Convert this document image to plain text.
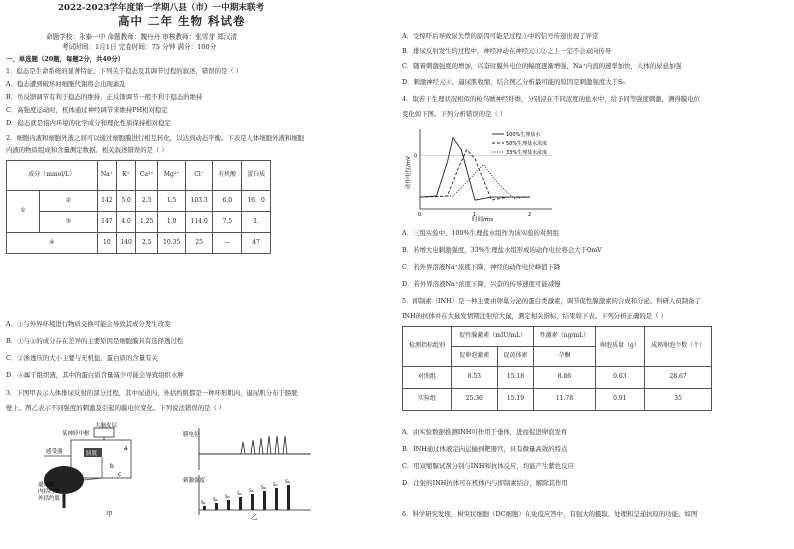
2022-2023学年度第一学期八县（市）一中期末联考
高中 二年 生物 科试卷
命题学校：永泰一中 命题教师：魏丹丹 审核教师：张雪芽 郑汉清
考试时间：1月1日 完卷时间：75 分钟 满分：100分
一、单选题（20题，每题2分，共40分）
1．稳态是生命系统的显著特征，下列关于稳态及其调节过程的叙述，错误的是（ ）
A．稳态遭到破坏时细胞代谢将会出现紊乱
B．负反馈调节有利于稳态的维持，正反馈调节一般不利于稳态的维持
C．高强度运动时，机体通过神经调节来维持PH相对稳定
D．稳态就是指内环境的化学成分和理化性质保持相对稳定
2．细胞内液和细胞外液之间可以通过细胞膜进行相互转化，以达到动态平衡。下表是人体细胞外液和细胞
内液的物质组成和含量测定数据。相关叙述错误的是（ ）
成分（mmol/L）		Na⁺	K⁺	Ca²⁺	Mg²⁺	Cl⁻	有机酸	蛋白质
①	②	142	5.0	2.5	1.5	103.3	6.0	16．0
	③	147	4.0	1.25	1.0	114.0	7.5	1.
④		10	140	2.5	10.35	25	—	47
A．①与外界环境进行物质交换可能会导致其成分发生改变
B．①与②的成分存在差异的主要原因是细胞膜具有选择透过性
C．②渗透压的大小主要与无机盐、蛋白质的含量有关
D．④属于组织液，其中的蛋白质含量减少可能会导致组织水肿
3．下图甲表示人体排尿反射的部分过程，其中尿道内、外括约肌都是一种环形肌肉，逼尿肌分布于膀胱
壁上。图乙表示不同强度的刺激及引起的膜电位变化。下列说法错误的是（ ）
大脑皮层
某神经中枢
膀胱
a
b
c
感受器
逼尿肌
内括约肌
外括约肌
甲
膜电位
刺激强度
S₁
S₂
S₃
S₄
S₅
S₆
S₇
S₈
乙
A．受惊吓后导致尿失禁的原因可能是过程③中的信号传递出现了异常
B．排尿反射发生的过程中，神经冲动在神经元①②之上一定不会双向传导
C．随着刺激强度的增加，兴奋时膜外电位的幅度逐渐增强，Na⁺内流的速率加快，人体的尿意加强
D．刺激神经元④，逼尿肌收缩，结合图乙分析最可能的原因是刺激强度大于S₅
4．取若干生理状况相似的枪乌贼神经纤维，分别浸在不同浓度的盐水中，给予同等强度刺激，测得膜电位
变化如下图。下列分析错误的是（ ）
动作电位/mV
时间/ms
0	1	2
0
100%生理盐水
50%生理盐水浓度
33%生理盐水浓度
A．三组实验中，100%生理盐水组作为该实验的对照组
B．若增大电刺激强度，33%生理盐水组形成的动作电位将会大于0mV
C．若外界溶液Na⁺浓度下降，神经的动作电位峰值下降
D．若外界溶液Na⁺浓度下降，兴奋的传导速度可能减慢
5．抑制素（INH）是一种主要由卵巢分泌的蛋白类激素，调节促性腺激素的合成和分泌。科研人员制备了
INH的抗体并在大鼠发情期注射给大鼠，测定相关指标，结果如下表。下列分析正确的是（ ）
检测指标组别	促性腺激素（mIU/mL）		性激素（ng/mL）	卵泡质量（g）	成熟卵泡个数（个）
	促卵泡激素	促黄体素	孕酮		
对照组	8.53	15.18	8.86	0.63	28.67
实验组	25.36	15.19	11.78	0.91	35
A．由实验数据推测INH可作用于垂体，进而促进卵泡发育
B．INH通过体液定向运输到靶器官，具有微量高效的特点
C．用双缩脲试剂分别与INH和抗体反应，均能产生紫色反应
D．注射的INH抗体可在机体内与抑制素结合，解除其作用
6．科学研究发现，树突状细胞（DC细胞）在免疫应答中，有强大的摄取、处理和呈递抗原的功能。如图
